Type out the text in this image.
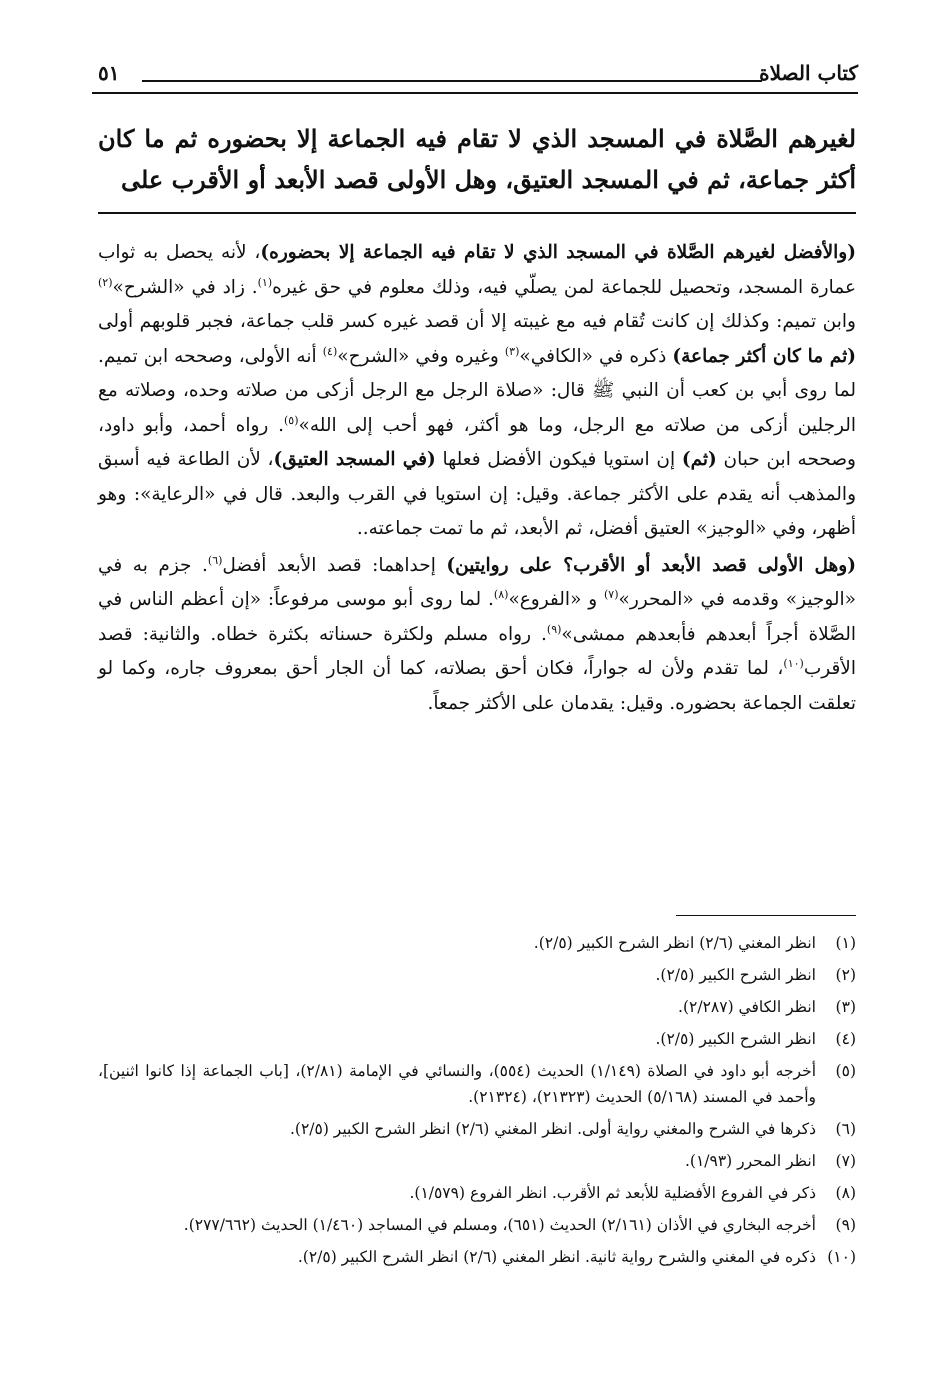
كتاب الصلاة
٥١
لغيرهم الصَّلاة في المسجد الذي لا تقام فيه الجماعة إلا بحضوره ثم ما كان أكثر جماعة، ثم في المسجد العتيق، وهل الأولى قصد الأبعد أو الأقرب على

(والأفضل لغيرهم الصَّلاة في المسجد الذي لا تقام فيه الجماعة إلا بحضوره)، لأنه يحصل به ثواب عمارة المسجد، وتحصيل للجماعة لمن يصلّي فيه، وذلك معلوم في حق غيره$^{(١)}$. زاد في «الشرح»$^{(٢)}$ وابن تميم: وكذلك إن كانت تُقام فيه مع غيبته إلا أن قصد غيره كسر قلب جماعة، فجبر قلوبهم أولى (ثم ما كان أكثر جماعة) ذكره في «الكافي»$^{(٣)}$ وغيره وفي «الشرح»$^{(٤)}$ أنه الأولى، وصححه ابن تميم. لما روى أبي بن كعب أن النبي ﷺ قال: «صلاة الرجل مع الرجل أزكى من صلاته وحده، وصلاته مع الرجلين أزكى من صلاته مع الرجل، وما هو أكثر، فهو أحب إلى الله»$^{(٥)}$. رواه أحمد، وأبو داود، وصححه ابن حبان (ثم) إن استويا فيكون الأفضل فعلها (في المسجد العتيق)، لأن الطاعة فيه أسبق والمذهب أنه يقدم على الأكثر جماعة. وقيل: إن استويا في القرب والبعد. قال في «الرعاية»: وهو أظهر، وفي «الوجيز» العتيق أفضل، ثم الأبعد، ثم ما تمت جماعته..

(وهل الأولى قصد الأبعد أو الأقرب؟ على روايتين) إحداهما: قصد الأبعد أفضل$^{(٦)}$. جزم به في «الوجيز» وقدمه في «المحرر»$^{(٧)}$ و «الفروع»$^{(٨)}$. لما روى أبو موسى مرفوعاً: «إن أعظم الناس في الصَّلاة أجراً أبعدهم فأبعدهم ممشى»$^{(٩)}$. رواه مسلم ولكثرة حسناته بكثرة خطاه. والثانية: قصد الأقرب$^{(١٠)}$، لما تقدم ولأن له جواراً، فكان أحق بصلاته، كما أن الجار أحق بمعروف جاره، وكما لو تعلقت الجماعة بحضوره. وقيل: يقدمان على الأكثر جمعاً.

(١)
انظر المغني (٢/٦) انظر الشرح الكبير (٢/٥).
(٢)
انظر الشرح الكبير (٢/٥).
(٣)
انظر الكافي (٢/٢٨٧).
(٤)
انظر الشرح الكبير (٢/٥).
(٥)
أخرجه أبو داود في الصلاة (١/١٤٩) الحديث (٥٥٤)، والنسائي في الإمامة (٢/٨١)، [باب الجماعة إذا كانوا اثنين]، وأحمد في المسند (٥/١٦٨) الحديث (٢١٣٢٣)، (٢١٣٢٤).
(٦)
ذكرها في الشرح والمغني رواية أولى. انظر المغني (٢/٦) انظر الشرح الكبير (٢/٥).
(٧)
انظر المحرر (١/٩٣).
(٨)
ذكر في الفروع الأفضلية للأبعد ثم الأقرب. انظر الفروع (١/٥٧٩).
(٩)
أخرجه البخاري في الأذان (٢/١٦١) الحديث (٦٥١)، ومسلم في المساجد (١/٤٦٠) الحديث (٢٧٧/٦٦٢).
(١٠)
ذكره في المغني والشرح رواية ثانية. انظر المغني (٢/٦) انظر الشرح الكبير (٢/٥).
